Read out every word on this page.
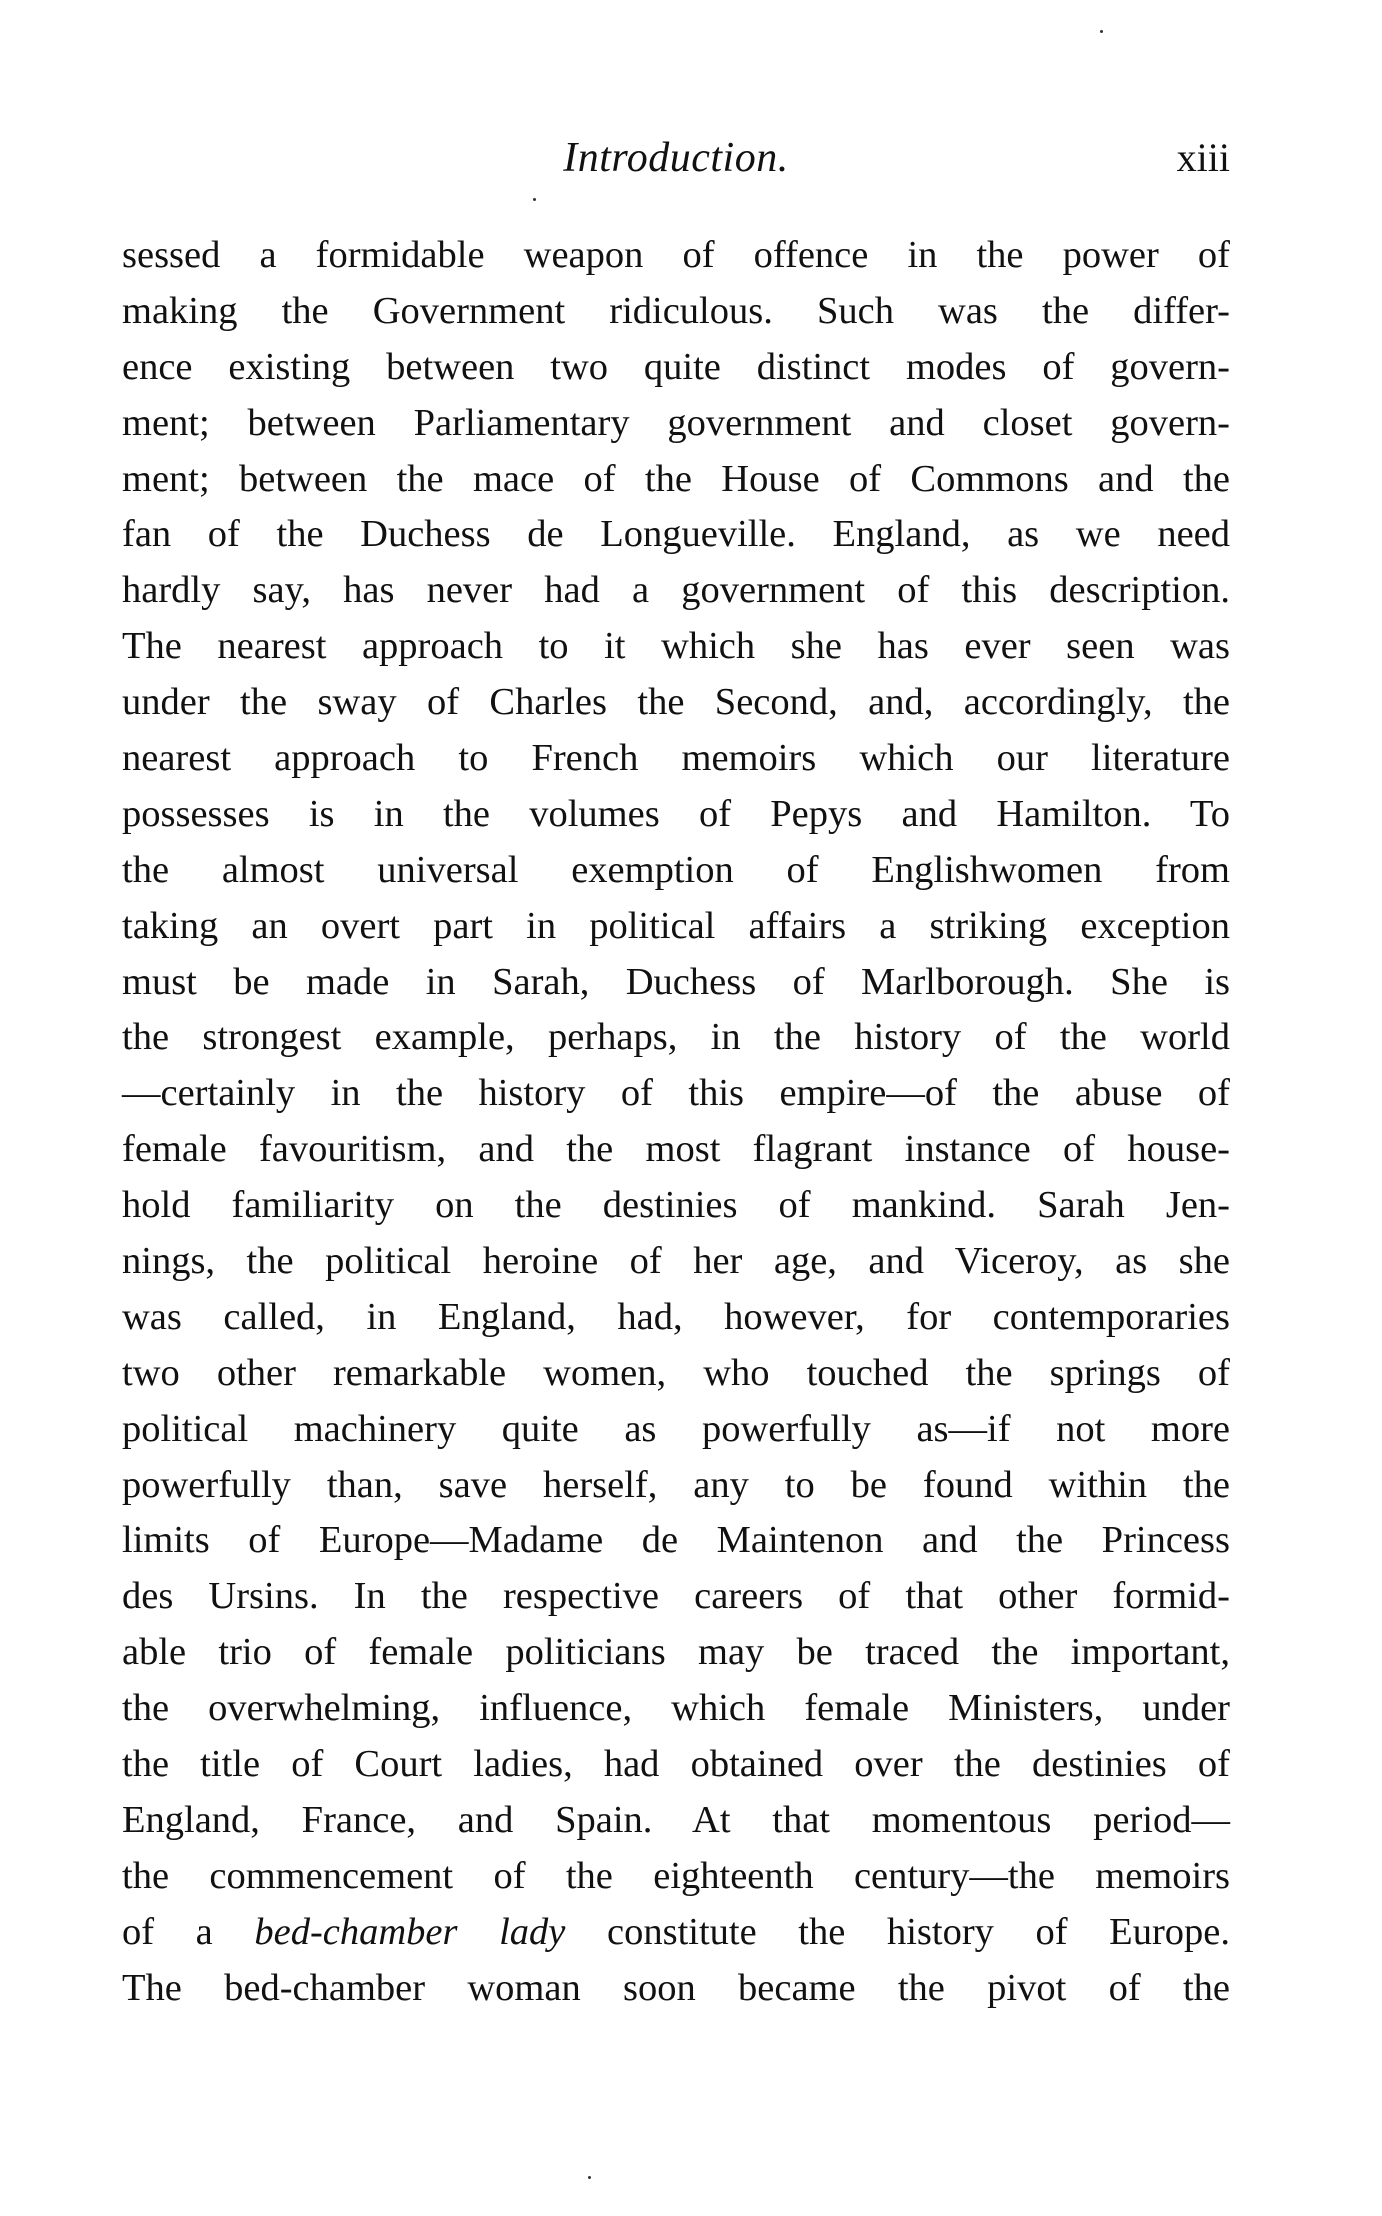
Introduction.	xiii
sessed a formidable weapon of offence in the power of
making the Government ridiculous. Such was the differ-
ence existing between two quite distinct modes of govern-
ment; between Parliamentary government and closet govern-
ment; between the mace of the House of Commons and the
fan of the Duchess de Longueville. England, as we need
hardly say, has never had a government of this description.
The nearest approach to it which she has ever seen was
under the sway of Charles the Second, and, accordingly, the
nearest approach to French memoirs which our literature
possesses is in the volumes of Pepys and Hamilton. To
the almost universal exemption of Englishwomen from
taking an overt part in political affairs a striking exception
must be made in Sarah, Duchess of Marlborough. She is
the strongest example, perhaps, in the history of the world
—certainly in the history of this empire—of the abuse of
female favouritism, and the most flagrant instance of house-
hold familiarity on the destinies of mankind. Sarah Jen-
nings, the political heroine of her age, and Viceroy, as she
was called, in England, had, however, for contemporaries
two other remarkable women, who touched the springs of
political machinery quite as powerfully as—if not more
powerfully than, save herself, any to be found within the
limits of Europe—Madame de Maintenon and the Princess
des Ursins. In the respective careers of that other formid-
able trio of female politicians may be traced the important,
the overwhelming, influence, which female Ministers, under
the title of Court ladies, had obtained over the destinies of
England, France, and Spain. At that momentous period—
the commencement of the eighteenth century—the memoirs
of a bed-chamber lady constitute the history of Europe.
The bed-chamber woman soon became the pivot of the
